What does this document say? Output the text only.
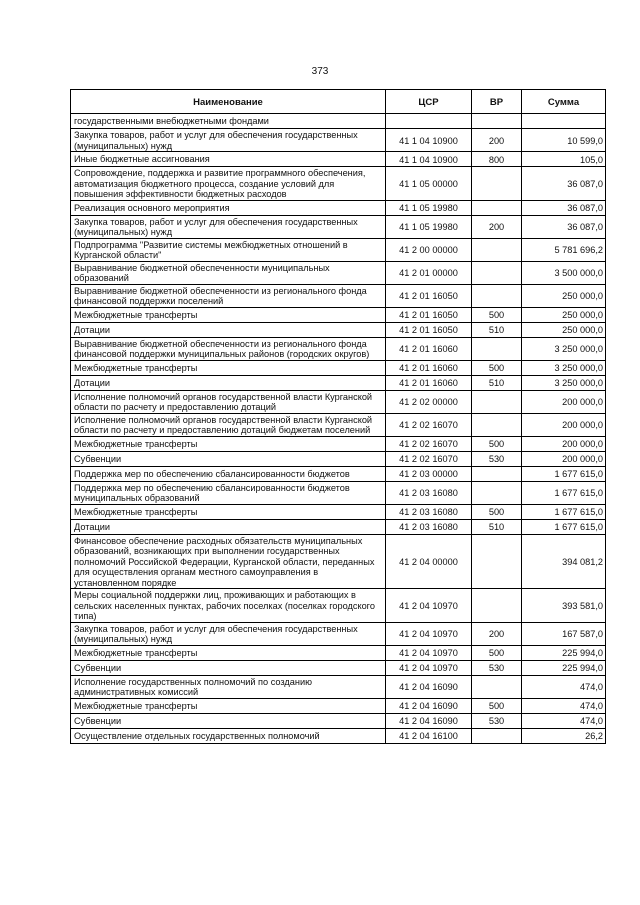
373
Наименование	ЦСР	ВР	Сумма
государственными внебюджетными фондами			
Закупка товаров, работ и услуг для обеспечения государственных (муниципальных) нужд	41 1 04 10900	200	10 599,0
Иные бюджетные ассигнования	41 1 04 10900	800	105,0
Сопровождение, поддержка и развитие программного обеспечения, автоматизация бюджетного процесса, создание условий для повышения эффективности бюджетных расходов	41 1 05 00000		36 087,0
Реализация основного мероприятия	41 1 05 19980		36 087,0
Закупка товаров, работ и услуг для обеспечения государственных (муниципальных) нужд	41 1 05 19980	200	36 087,0
Подпрограмма "Развитие системы межбюджетных отношений в Курганской области"	41 2 00 00000		5 781 696,2
Выравнивание бюджетной обеспеченности муниципальных образований	41 2 01 00000		3 500 000,0
Выравнивание бюджетной обеспеченности из регионального фонда финансовой поддержки поселений	41 2 01 16050		250 000,0
Межбюджетные трансферты	41 2 01 16050	500	250 000,0
Дотации	41 2 01 16050	510	250 000,0
Выравнивание бюджетной обеспеченности из регионального фонда финансовой поддержки муниципальных районов (городских округов)	41 2 01 16060		3 250 000,0
Межбюджетные трансферты	41 2 01 16060	500	3 250 000,0
Дотации	41 2 01 16060	510	3 250 000,0
Исполнение полномочий органов государственной власти Курганской области по расчету и предоставлению дотаций	41 2 02 00000		200 000,0
Исполнение полномочий органов государственной власти Курганской области по расчету и предоставлению дотаций бюджетам поселений	41 2 02 16070		200 000,0
Межбюджетные трансферты	41 2 02 16070	500	200 000,0
Субвенции	41 2 02 16070	530	200 000,0
Поддержка мер по обеспечению сбалансированности бюджетов	41 2 03 00000		1 677 615,0
Поддержка мер по обеспечению сбалансированности бюджетов муниципальных образований	41 2 03 16080		1 677 615,0
Межбюджетные трансферты	41 2 03 16080	500	1 677 615,0
Дотации	41 2 03 16080	510	1 677 615,0
Финансовое обеспечение расходных обязательств муниципальных образований, возникающих при выполнении государственных полномочий Российской Федерации, Курганской области, переданных для осуществления органам местного самоуправления в установленном порядке	41 2 04 00000		394 081,2
Меры социальной поддержки лиц, проживающих и работающих в сельских населенных пунктах, рабочих поселках (поселках городского типа)	41 2 04 10970		393 581,0
Закупка товаров, работ и услуг для обеспечения государственных (муниципальных) нужд	41 2 04 10970	200	167 587,0
Межбюджетные трансферты	41 2 04 10970	500	225 994,0
Субвенции	41 2 04 10970	530	225 994,0
Исполнение государственных полномочий по созданию административных комиссий	41 2 04 16090		474,0
Межбюджетные трансферты	41 2 04 16090	500	474,0
Субвенции	41 2 04 16090	530	474,0
Осуществление отдельных государственных полномочий	41 2 04 16100		26,2
